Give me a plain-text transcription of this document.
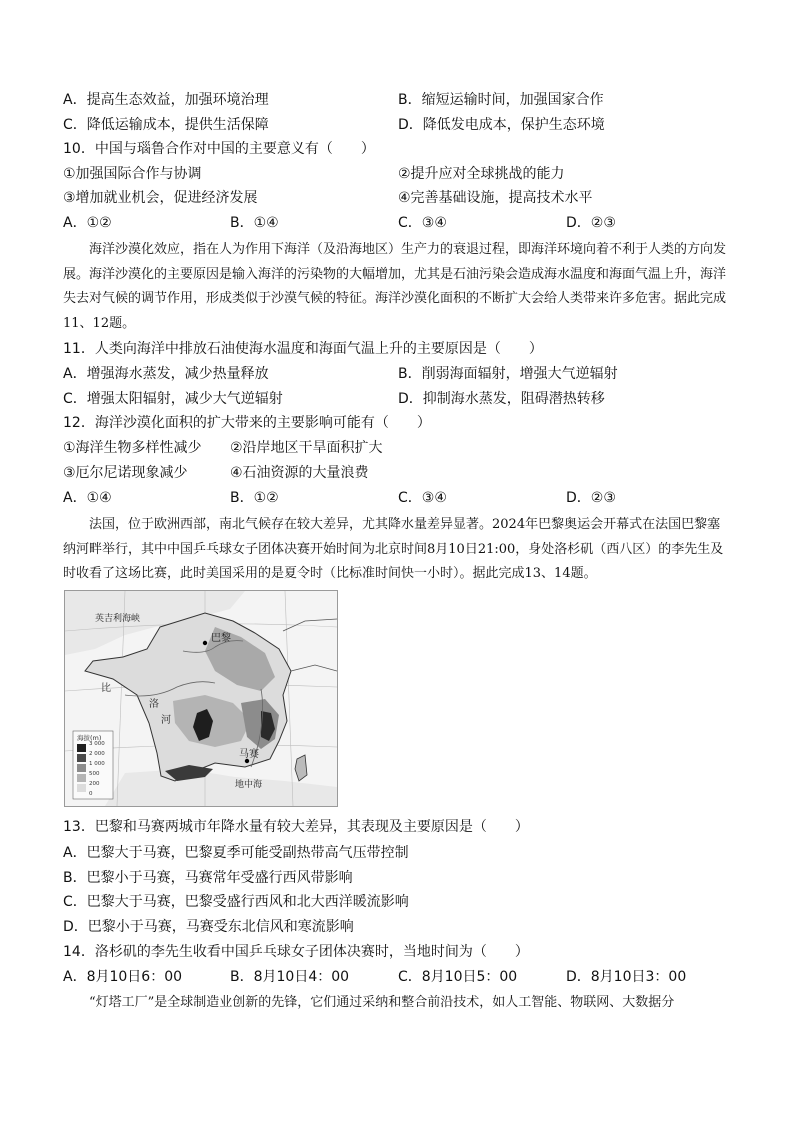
A．提高生态效益，加强环境治理	B．缩短运输时间，加强国家合作
C．降低运输成本，提供生活保障	D．降低发电成本，保护生态环境
10．中国与瑙鲁合作对中国的主要意义有（　　）
①加强国际合作与协调	②提升应对全球挑战的能力
③增加就业机会，促进经济发展	④完善基础设施，提高技术水平
A．①②	B．①④	C．③④	D．②③

海洋沙漠化效应，指在人为作用下海洋（及沿海地区）生产力的衰退过程，即海洋环境向着不利于人类的方向发展。海洋沙漠化的主要原因是输入海洋的污染物的大幅增加，尤其是石油污染会造成海水温度和海面气温上升，海洋失去对气候的调节作用，形成类似于沙漠气候的特征。海洋沙漠化面积的不断扩大会给人类带来许多危害。据此完成11、12题。

11．人类向海洋中排放石油使海水温度和海面气温上升的主要原因是（　　）
A．增强海水蒸发，减少热量释放	B．削弱海面辐射，增强大气逆辐射
C．增强太阳辐射，减少大气逆辐射	D．抑制海水蒸发，阻碍潜热转移
12．海洋沙漠化面积的扩大带来的主要影响可能有（　　）
①海洋生物多样性减少 ②沿岸地区干旱面积扩大
③厄尔尼诺现象减少	④石油资源的大量浪费
A．①④	B．①②	C．③④	D．②③

法国，位于欧洲西部，南北气候存在较大差异，尤其降水量差异显著。2024年巴黎奥运会开幕式在法国巴黎塞纳河畔举行，其中中国乒乓球女子团体决赛开始时间为北京时间8月10日21:00，身处洛杉矶（西八区）的李先生及时收看了这场比赛，此时美国采用的是夏令时（比标准时间快一小时）。据此完成13、14题。

英吉利海峡
巴黎
比
洛
河
马赛
地中海
海拔(m)
3 000
2 000
1 000
500
200
0
13．巴黎和马赛两城市年降水量有较大差异，其表现及主要原因是（　　）
A．巴黎大于马赛，巴黎夏季可能受副热带高气压带控制
B．巴黎小于马赛，马赛常年受盛行西风带影响
C．巴黎大于马赛，巴黎受盛行西风和北大西洋暖流影响
D．巴黎小于马赛，马赛受东北信风和寒流影响
14．洛杉矶的李先生收看中国乒乓球女子团体决赛时，当地时间为（　　）
A．8月10日6：00	B．8月10日4：00	C．8月10日5：00	D．8月10日3：00

“灯塔工厂”是全球制造业创新的先锋，它们通过采纳和整合前沿技术，如人工智能、物联网、大数据分
